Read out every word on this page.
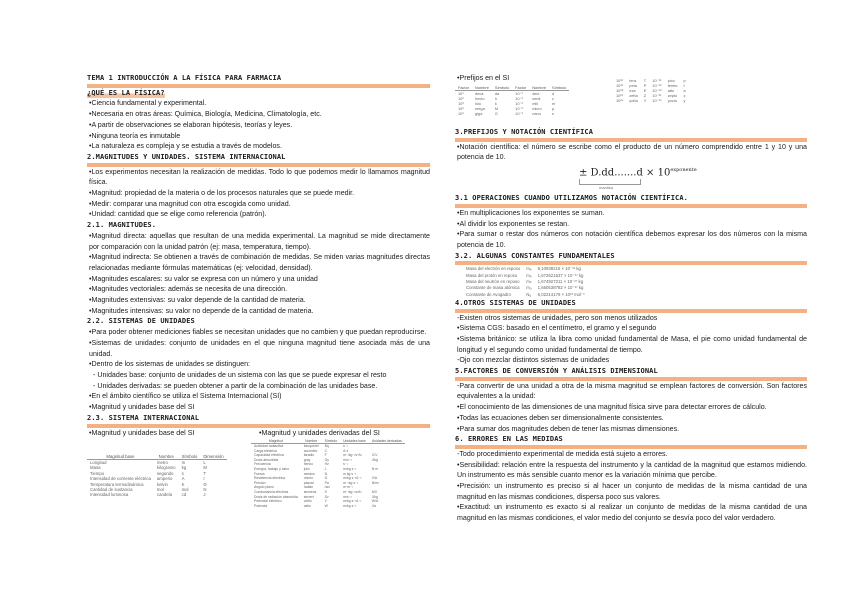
TEMA 1 INTRODUCCIÓN A LA FÍSICA PARA FARMACIA
¿QUÉ ES LA FÍSICA?

•Ciencia fundamental y experimental.

•Necesaria en otras áreas: Química, Biología, Medicina, Climatología, etc.

•A partir de observaciones se elaboran hipótesis, teorías y leyes.

•Ninguna teoría es inmutable

•La naturaleza es compleja y se estudia a través de modelos.

2.MAGNITUDES Y UNIDADES. SISTEMA INTERNACIONAL

•Los experimentos necesitan la realización de medidas. Todo lo que podemos medir lo llamamos magnitud física.

•Magnitud: propiedad de la materia o de los procesos naturales que se puede medir.

•Medir: comparar una magnitud con otra escogida como unidad.

•Unidad: cantidad que se elige como referencia (patrón).

2.1. MAGNITUDES.

•Magnitud directa: aquellas que resultan de una medida experimental. La magnitud se mide directamente por comparación con la unidad patrón (ej: masa, temperatura, tiempo).

•Magnitud indirecta: Se obtienen a través de combinación de medidas. Se miden varias magnitudes directas relacionadas mediante fórmulas matemáticas (ej: velocidad, densidad).

•Magnitudes escalares: su valor se expresa con un número y una unidad

•Magnitudes vectoriales: además se necesita de una dirección.

•Magnitudes extensivas: su valor depende de la cantidad de materia.

•Magnitudes intensivas: su valor no depende de la cantidad de materia.

2.2. SISTEMAS DE UNIDADES

•Para poder obtener mediciones fiables se necesitan unidades que no cambien y que puedan reproducirse.

•Sistemas de unidades: conjunto de unidades en el que ninguna magnitud tiene asociada más de una unidad.

•Dentro de los sistemas de unidades se distinguen:

- Unidades base: conjunto de unidades de un sistema con las que se puede expresar el resto

- Unidades derivadas: se pueden obtener a partir de la combinación de las unidades base.

•En el ámbito científico se utiliza el Sistema Internacional (SI)

•Magnitud y unidades base del SI

2.3. SISTEMA INTERNACIONAL

•Magnitud y unidades base del SI	•Magnitud y unidades derivadas del SI

Magnitud base	Nombre	Símbolo	Dimensión
Longitud	metro	m	L
Masa	kilogramo	kg	M
Tiempo	segundo	s	T
Intensidad de corriente eléctrica	amperio	A	I
Temperatura termodinámica	kelvin	K	Θ
Cantidad de sustancia	mol	mol	N
Intensidad luminosa	candela	cd	J
Magnitud	Nombre	Símbolo	Unidades base	Unidades derivadas
Actividad radiactiva	becquerel	Bq	s⁻¹	
Carga eléctrica	culombio	C	A·s	
Capacidad eléctrica	faradio	F	m⁻²kg⁻¹s⁴A²	C/V
Dosis absorbida	gray	Gy	m²s⁻²	J/kg
Frecuencia	hercio	Hz	s⁻¹	
Energía, trabajo y calor	julio	J	m²kg s⁻²	N·m
Fuerza	newton	N	m kg s⁻²	
Resistencia eléctrica	ohmio	Ω	m²kg s⁻³A⁻²	V/A
Presión	pascal	Pa	m⁻¹kg s⁻²	N/m²
Ángulo plano	radián	rad	m·m⁻¹	
Conductancia eléctrica	siemens	S	m⁻²kg⁻¹s³A²	A/V
Dosis de radiación absorbida	sievert	Sv	m²s⁻²	J/kg
Potencial eléctrico	voltio	V	m²kg s⁻³A⁻¹	W/A
Potencia	vatio	W	m²kg s⁻³	J/s

•Prefijos en el SI

Factor	Nombre	Símbolo	Factor	Nombre	Símbolo
10¹	deca	da	10⁻¹	deci	d
10²	hecto	h	10⁻²	centi	c
10³	kilo	k	10⁻³	mili	m
10⁶	mega	M	10⁻⁶	micro	μ
10⁹	giga	G	10⁻⁹	nano	n
10¹²	tera	T	10⁻¹²	pico	p
10¹⁵	peta	P	10⁻¹⁵	femto	f
10¹⁸	exa	E	10⁻¹⁸	atto	a
10²¹	zetta	Z	10⁻²¹	zepto	z
10²⁴	yotta	Y	10⁻²⁴	yocto	y
3.PREFIJOS Y NOTACIÓN CIENTÍFICA

•Notación científica: el número se escribe como el producto de un número comprendido entre 1 y 10 y una potencia de 10.

± $D.dd.......d \times 10^{exponente}$
mantisa
3.1 OPERACIONES CUANDO UTILIZAMOS NOTACIÓN CIENTÍFICA.

•En multiplicaciones los exponentes se suman.

•Al dividir los exponentes se restan.

•Para sumar o restar dos números con notación científica debemos expresar los dos números con la misma potencia de 10.

3.2. ALGUNAS CONSTANTES FUNDAMENTALES
Masa del electrón en reposo	mₑ	9,10938215 × 10⁻³¹ kg
Masa del protón en reposo	mₚ	1,672621637 × 10⁻²⁷ kg
Masa del neutrón en reposo	mₙ	1,674927211 × 10⁻²⁷ kg
Constante de masa atómica	mᵤ	1,660538782 × 10⁻²⁷ kg
Constante de Avogadro	Nₐ	6,02214179 × 10²³ mol⁻¹
4.OTROS SISTEMAS DE UNIDADES

-Existen otros sistemas de unidades, pero son menos utilizados

•Sistema CGS: basado en el centímetro, el gramo y el segundo

•Sistema británico: se utiliza la libra como unidad fundamental de Masa, el pie como unidad fundamental de longitud y el segundo como unidad fundamental de tiempo.

-Ojo con mezclar distintos sistemas de unidades

5.FACTORES DE CONVERSIÓN Y ANÁLISIS DIMENSIONAL

-Para convertir de una unidad a otra de la misma magnitud se emplean factores de conversión. Son factores equivalentes a la unidad:

•El conocimiento de las dimensiones de una magnitud física sirve para detectar errores de cálculo.

•Todas las ecuaciones deben ser dimensionalmente consistentes.

•Para sumar dos magnitudes deben de tener las mismas dimensiones.

6. ERRORES EN LAS MEDIDAS

-Todo procedimiento experimental de medida está sujeto a errores.

•Sensibilidad: relación entre la respuesta del instrumento y la cantidad de la magnitud que estamos midiendo. Un instrumento es más sensible cuanto menor es la variación mínima que percibe.

•Precisión: un instrumento es preciso si al hacer un conjunto de medidas de la misma cantidad de una magnitud en las mismas condiciones, dispersa poco sus valores.

•Exactitud: un instrumento es exacto si al realizar un conjunto de medidas de la misma cantidad de una magnitud en las mismas condiciones, el valor medio del conjunto se desvía poco del valor verdadero.
